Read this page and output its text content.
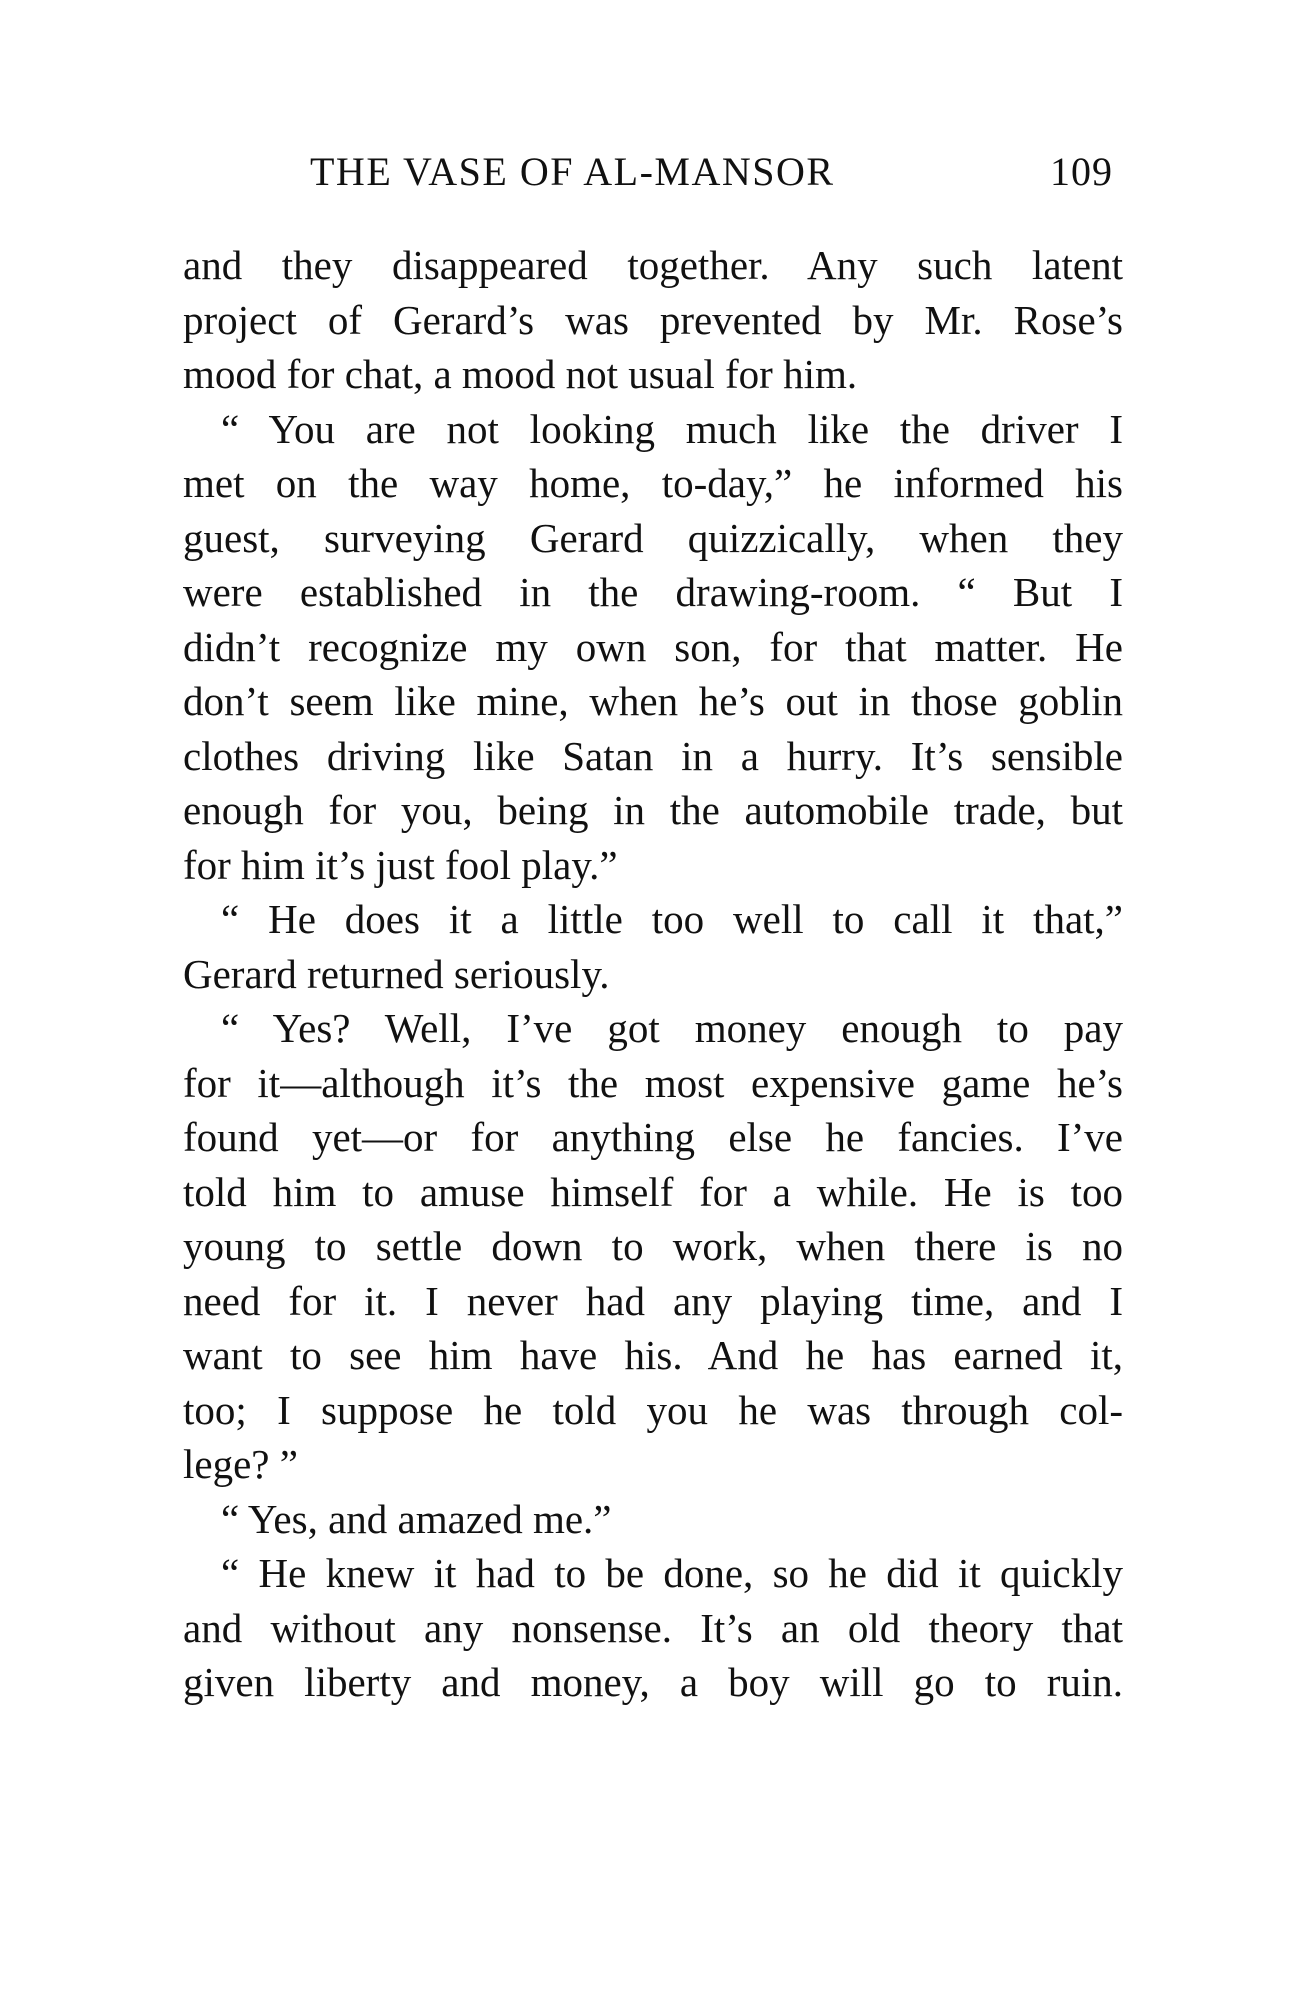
THE VASE OF AL-MANSOR	109
and they disappeared together. Any such latent
project of Gerard’s was prevented by Mr. Rose’s
mood for chat, a mood not usual for him.
“ You are not looking much like the driver I
met on the way home, to-day,” he informed his
guest, surveying Gerard quizzically, when they
were established in the drawing-room. “ But I
didn’t recognize my own son, for that matter. He
don’t seem like mine, when he’s out in those goblin
clothes driving like Satan in a hurry. It’s sensible
enough for you, being in the automobile trade, but
for him it’s just fool play.”
“ He does it a little too well to call it that,”
Gerard returned seriously.
“ Yes? Well, I’ve got money enough to pay
for it—although it’s the most expensive game he’s
found yet—or for anything else he fancies. I’ve
told him to amuse himself for a while. He is too
young to settle down to work, when there is no
need for it. I never had any playing time, and I
want to see him have his. And he has earned it,
too; I suppose he told you he was through col-
lege? ”
“ Yes, and amazed me.”
“ He knew it had to be done, so he did it quickly
and without any nonsense. It’s an old theory that
given liberty and money, a boy will go to ruin.
